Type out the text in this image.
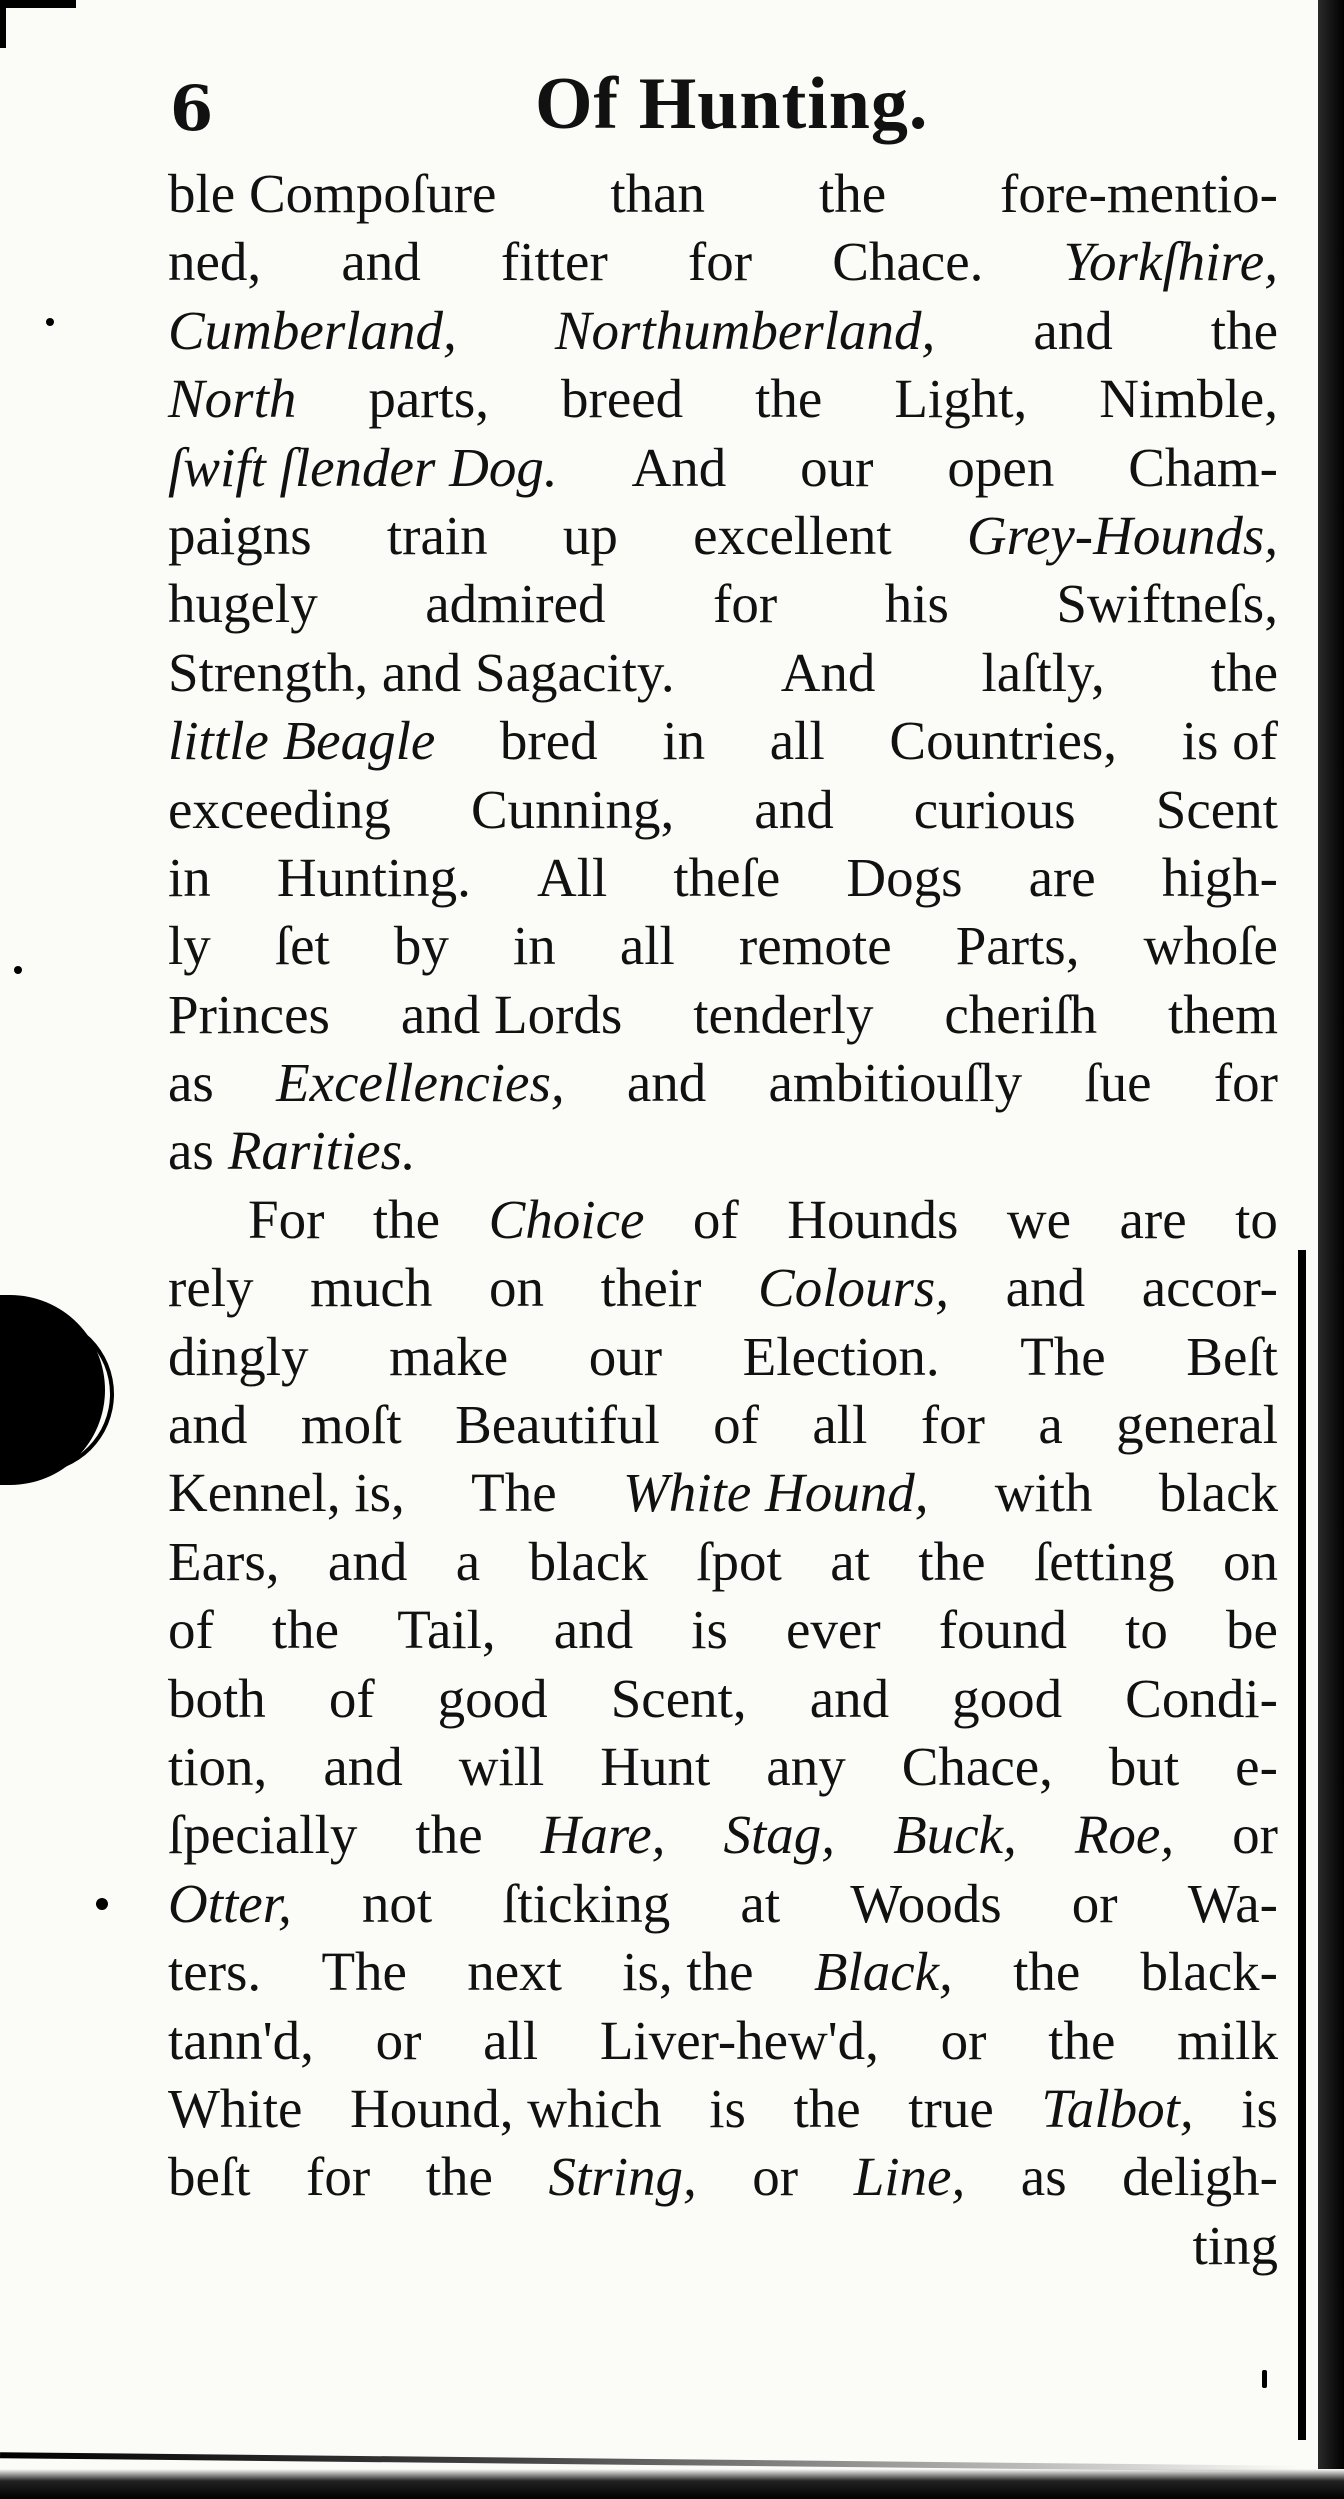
6	Of Hunting.
ble Compoſure than the fore-mentio-
ned, and fitter for Chace. Yorkſhire,
Cumberland, Northumberland, and the
North parts, breed the Light, Nimble,
ſwift ſlender Dog. And our open Cham-
paigns train up excellent Grey-Hounds,
hugely admired for his Swiftneſs,
Strength, and Sagacity. And laſtly, the
little Beagle bred in all Countries, is of
exceeding Cunning, and curious Scent
in Hunting. All theſe Dogs are high-
ly ſet by in all remote Parts, whoſe
Princes and Lords tenderly cheriſh them
as Excellencies, and ambitiouſly ſue for
as Rarities.
For the Choice of Hounds we are to
rely much on their Colours, and accor-
dingly make our Election. The Beſt
and moſt Beautiful of all for a general
Kennel, is, The White Hound, with black
Ears, and a black ſpot at the ſetting on
of the Tail, and is ever found to be
both of good Scent, and good Condi-
tion, and will Hunt any Chace, but e-
ſpecially the Hare, Stag, Buck, Roe, or
Otter, not ſticking at Woods or Wa-
ters. The next is, the Black, the black-
tann'd, or all Liver-hew'd, or the milk
White Hound, which is the true Talbot, is
beſt for the String, or Line, as deligh-
ting
